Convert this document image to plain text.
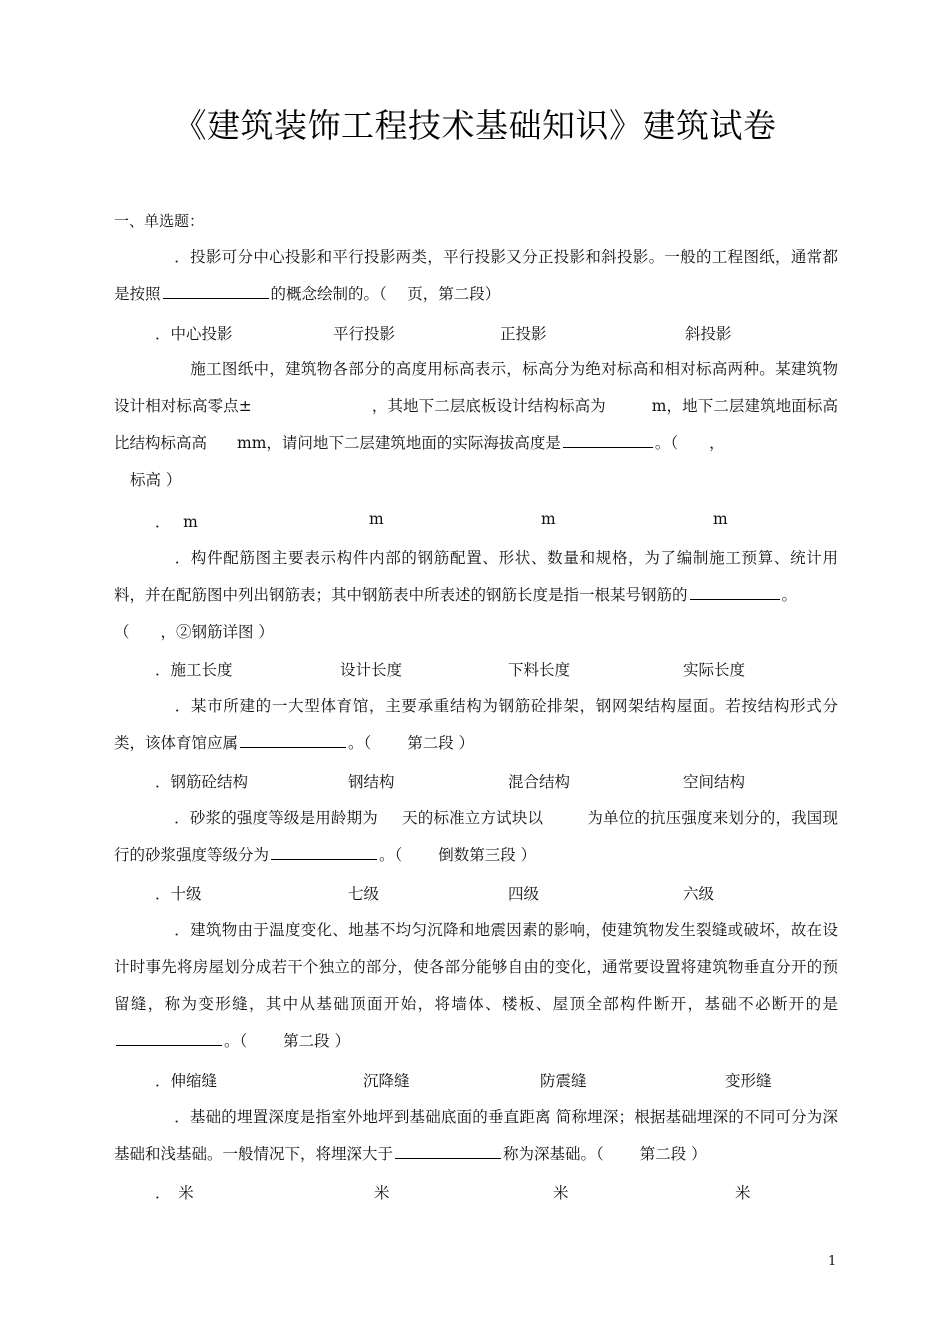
《建筑装饰工程技术基础知识》建筑试卷
一、单选题：
．投影可分中心投影和平行投影两类，平行投影又分正投影和斜投影。一般的工程图纸，通常都是按照	的概念绘制的。（　 页，第二段）
．中心投影	平行投影	正投影	斜投影
施工图纸中，建筑物各部分的高度用标高表示，标高分为绝对标高和相对标高两种。某建筑物设计相对标高零点±	，其地下二层底板设计结构标高为	m，地下二层建筑地面标高比结构标高高 mm，请问地下二层建筑地面的实际海拔高度是	。（　　，
标高 ）
．　 m	m	m	m
．构件配筋图主要表示构件内部的钢筋配置、形状、数量和规格，为了编制施工预算、统计用料，并在配筋图中列出钢筋表；其中钢筋表中所表述的钢筋长度是指一根某号钢筋的	。
（　　，②钢筋详图 ）
．施工长度	设计长度	下料长度	实际长度
．某市所建的一大型体育馆，主要承重结构为钢筋砼排架，钢网架结构屋面。若按结构形式分类，该体育馆应属	。（　　 第二段 ）
．钢筋砼结构	钢结构	混合结构	空间结构
．砂浆的强度等级是用龄期为 天的标准立方试块以	为单位的抗压强度来划分的，我国现行的砂浆强度等级分为	。（　　 倒数第三段 ）
．十级	七级	四级	六级
．建筑物由于温度变化、地基不均匀沉降和地震因素的影响，使建筑物发生裂缝或破坏，故在设计时事先将房屋划分成若干个独立的部分，使各部分能够自由的变化，通常要设置将建筑物垂直分开的预留缝，称为变形缝，其中从基础顶面开始，将墙体、楼板、屋顶全部构件断开，基础不必断开的是。（　　 第二段 ）
．伸缩缝	沉降缝	防震缝	变形缝
．基础的埋置深度是指室外地坪到基础底面的垂直距离 简称埋深；根据基础埋深的不同可分为深基础和浅基础。一般情况下，将埋深大于	称为深基础。（　　 第二段 ）
．　米	米	米	米
1
